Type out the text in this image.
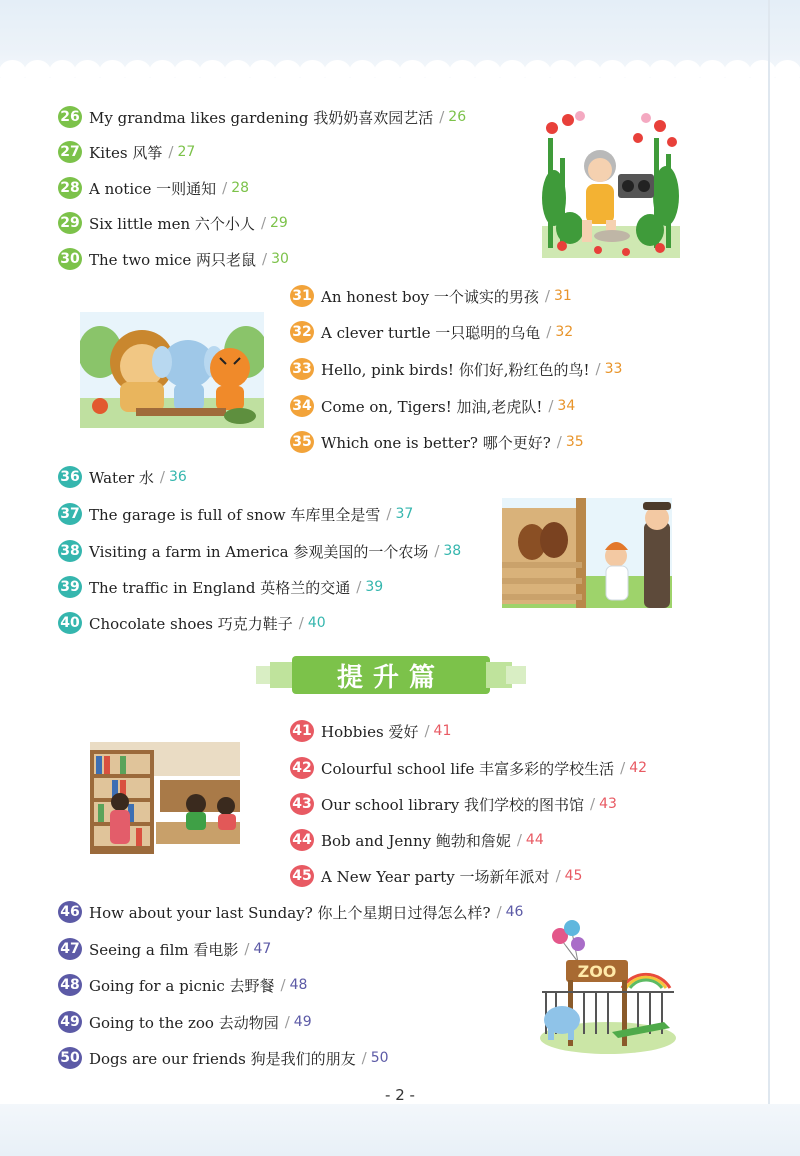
26 My grandma likes gardening 我奶奶喜欢园艺活 / 26
27 Kites 风筝 / 27
28 A notice 一则通知 / 28
29 Six little men 六个小人 / 29
30 The two mice 两只老鼠 / 30
31 An honest boy 一个诚实的男孩 / 31
32 A clever turtle 一只聪明的乌龟 / 32
33 Hello, pink birds! 你们好,粉红色的鸟! / 33
34 Come on, Tigers! 加油,老虎队! / 34
35 Which one is better? 哪个更好? / 35
36 Water 水 / 36
37 The garage is full of snow 车库里全是雪 / 37
38 Visiting a farm in America 参观美国的一个农场 / 38
39 The traffic in England 英格兰的交通 / 39
40 Chocolate shoes 巧克力鞋子 / 40
提升篇
41 Hobbies 爱好 / 41
42 Colourful school life 丰富多彩的学校生活 / 42
43 Our school library 我们学校的图书馆 / 43
44 Bob and Jenny 鲍勃和詹妮 / 44
45 A New Year party 一场新年派对 / 45
46 How about your last Sunday? 你上个星期日过得怎么样? / 46
47 Seeing a film 看电影 / 47
48 Going for a picnic 去野餐 / 48
49 Going to the zoo 去动物园 / 49
50 Dogs are our friends 狗是我们的朋友 / 50
ZOO
- 2 -
